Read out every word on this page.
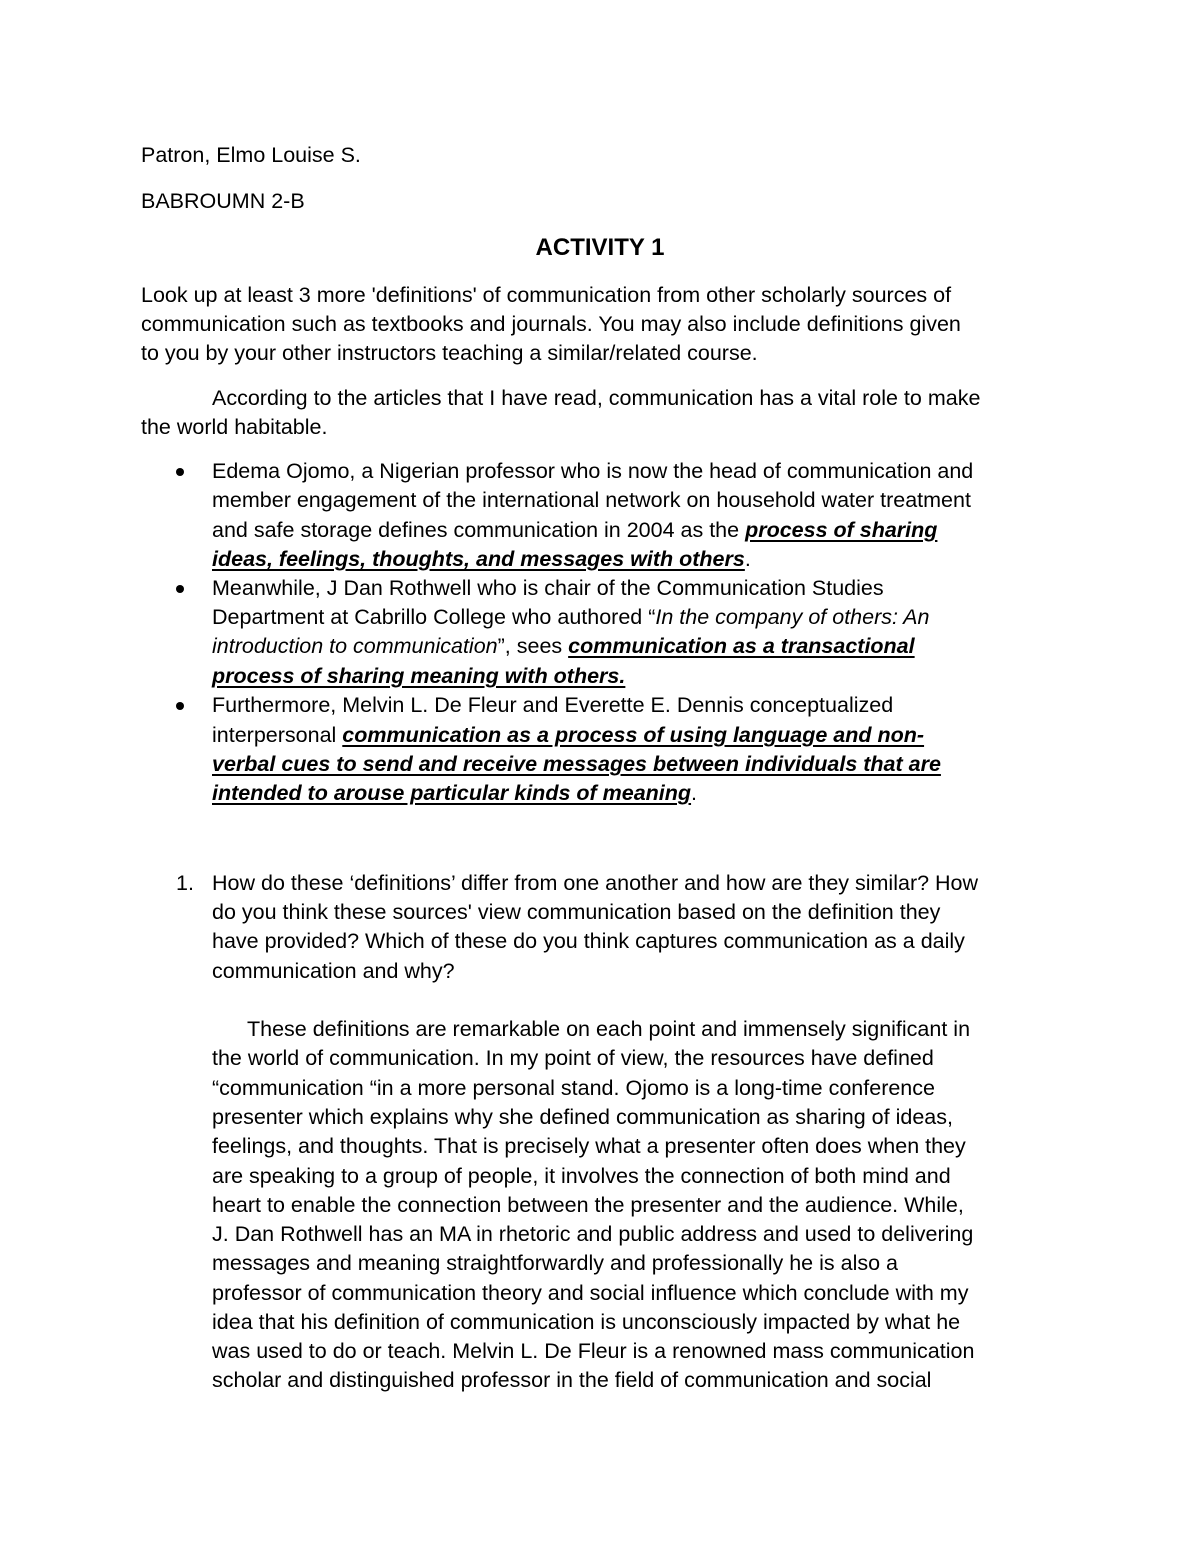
Patron, Elmo Louise S.
BABROUMN 2-B
ACTIVITY 1
Look up at least 3 more 'definitions' of communication from other scholarly sources of
communication such as textbooks and journals. You may also include definitions given
to you by your other instructors teaching a similar/related course.
According to the articles that I have read, communication has a vital role to make
the world habitable.
Edema Ojomo, a Nigerian professor who is now the head of communication and
member engagement of the international network on household water treatment
and safe storage defines communication in 2004 as the process of sharing
ideas, feelings, thoughts, and messages with others.
Meanwhile, J Dan Rothwell who is chair of the Communication Studies
Department at Cabrillo College who authored “In the company of others: An
introduction to communication”, sees communication as a transactional
process of sharing meaning with others.
Furthermore, Melvin L. De Fleur and Everette E. Dennis conceptualized
interpersonal communication as a process of using language and non-
verbal cues to send and receive messages between individuals that are
intended to arouse particular kinds of meaning.
1. How do these ‘definitions’ differ from one another and how are they similar? How
do you think these sources' view communication based on the definition they
have provided? Which of these do you think captures communication as a daily
communication and why?
These definitions are remarkable on each point and immensely significant in
the world of communication. In my point of view, the resources have defined
“communication “in a more personal stand. Ojomo is a long-time conference
presenter which explains why she defined communication as sharing of ideas,
feelings, and thoughts. That is precisely what a presenter often does when they
are speaking to a group of people, it involves the connection of both mind and
heart to enable the connection between the presenter and the audience. While,
J. Dan Rothwell has an MA in rhetoric and public address and used to delivering
messages and meaning straightforwardly and professionally he is also a
professor of communication theory and social influence which conclude with my
idea that his definition of communication is unconsciously impacted by what he
was used to do or teach. Melvin L. De Fleur is a renowned mass communication
scholar and distinguished professor in the field of communication and social
